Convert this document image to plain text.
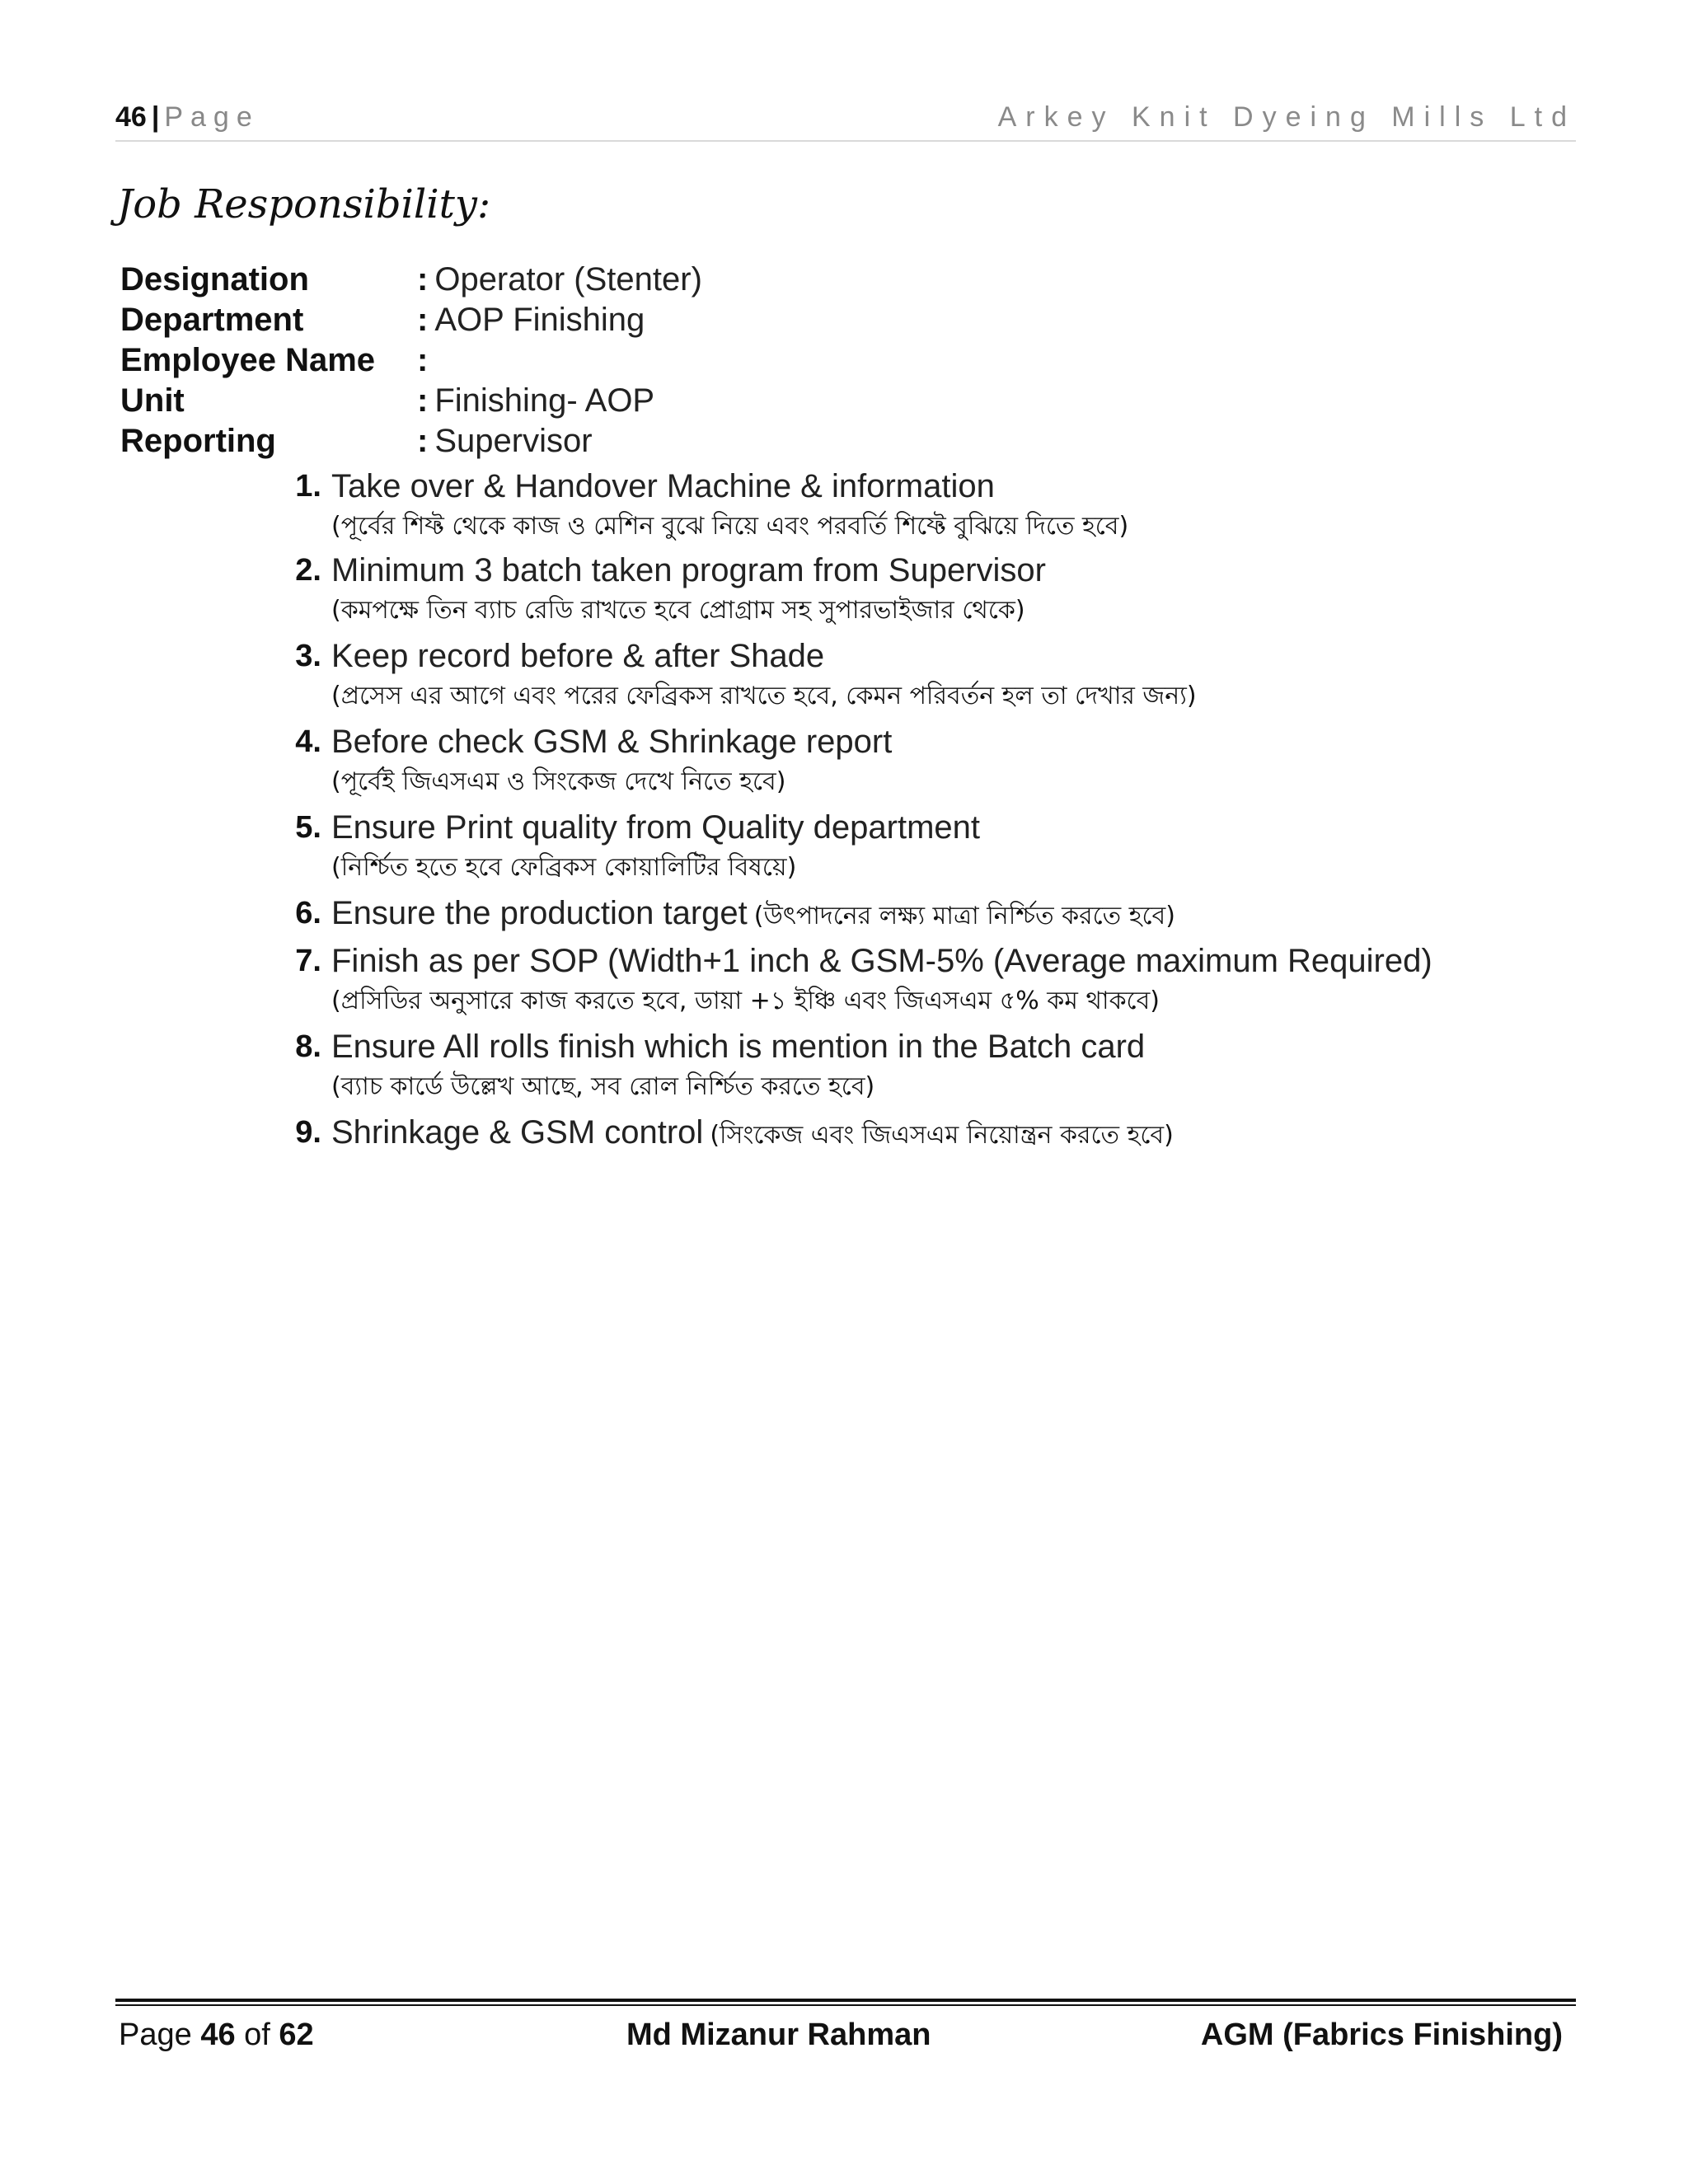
46 | Page	Arkey Knit Dyeing Mills Ltd
Job Responsibility:
Designation	: Operator (Stenter)
Department	: AOP Finishing
Employee Name	:
Unit	: Finishing- AOP
Reporting	: Supervisor
1. Take over & Handover Machine & information
(পূর্বের শিফ্ট থেকে কাজ ও মেশিন বুঝে নিয়ে এবং পরবর্তি শিফ্টে বুঝিয়ে দিতে হবে)
2. Minimum 3 batch taken program from Supervisor
(কমপক্ষে তিন ব্যাচ রেডি রাখতে হবে প্রোগ্রাম সহ সুপারভাইজার থেকে)
3. Keep record before & after Shade
(প্রসেস এর আগে এবং পরের ফেব্রিকস রাখতে হবে, কেমন পরিবর্তন হল তা দেখার জন্য)
4. Before check GSM & Shrinkage report
(পূর্বেই জিএসএম ও সিংকেজ দেখে নিতে হবে)
5. Ensure Print quality from Quality department
(নির্শ্চিত হতে হবে ফেব্রিকস কোয়ালিটির বিষয়ে)
6. Ensure the production target (উৎপাদনের লক্ষ্য মাত্রা নির্শ্চিত করতে হবে)
7. Finish as per SOP (Width+1 inch & GSM-5% (Average maximum Required)
(প্রসিডির অনুসারে কাজ করতে হবে, ডায়া +১ ইঞ্চি এবং জিএসএম ৫% কম থাকবে)
8. Ensure All rolls finish which is mention in the Batch card
(ব্যাচ কার্ডে উল্লেখ আছে, সব রোল নির্শ্চিত করতে হবে)
9. Shrinkage & GSM control (সিংকেজ এবং জিএসএম নিয়োন্ত্রন করতে হবে)
Page 46 of 62	Md Mizanur Rahman	AGM (Fabrics Finishing)
